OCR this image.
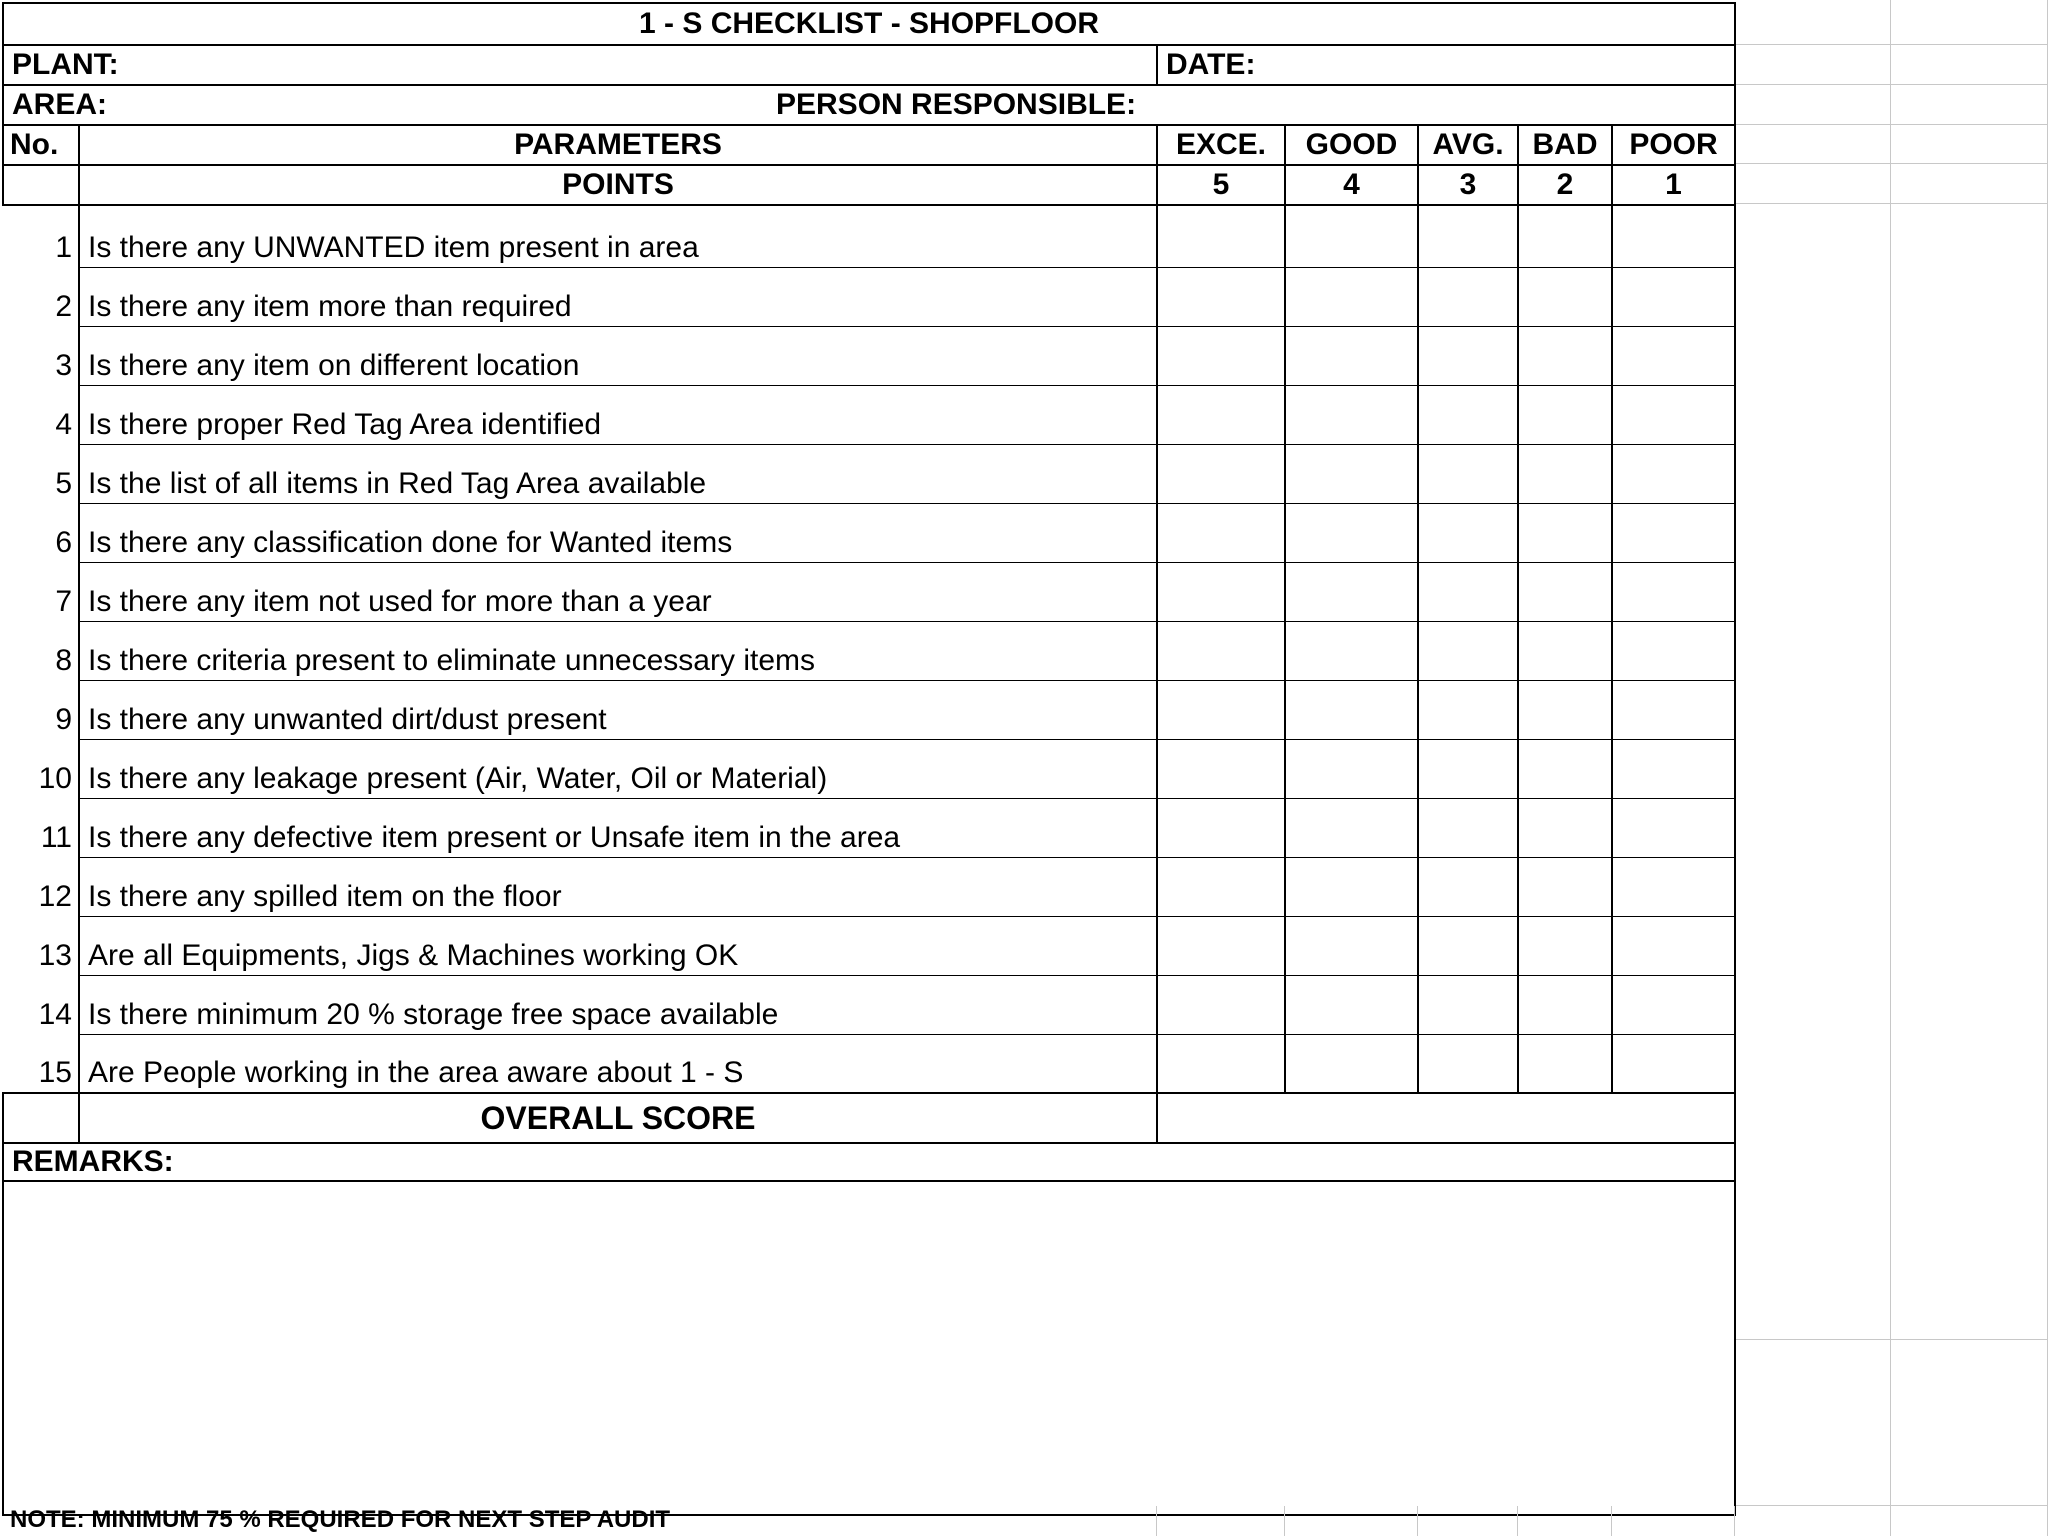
1 - S CHECKLIST - SHOPFLOOR						
PLANT:		DATE:				
AREA: PERSON RESPONSIBLE:						

No.	PARAMETERS	EXCE.	GOOD	AVG.	BAD	POOR
	POINTS	5	4	3	2	1
1	Is there any UNWANTED item present in area					
2	Is there any item more than required					
3	Is there any item on different location					
4	Is there proper Red Tag Area identified					
5	Is the list of all items in Red Tag Area available					
6	Is there any classification done for Wanted items					
7	Is there any item not used for more than a year					
8	Is there criteria present to eliminate unnecessary items					
9	Is there any unwanted dirt/dust present					
10	Is there any leakage present (Air, Water, Oil or Material)					
11	Is there any defective item present or Unsafe item in the area					
12	Is there any spilled item on the floor					
13	Are all Equipments, Jigs & Machines working OK					
14	Is there minimum 20 % storage free space available					
15	Are People working in the area aware about 1 - S					
	OVERALL SCORE					
REMARKS:						

NOTE: MINIMUM 75 % REQUIRED FOR NEXT STEP AUDIT
